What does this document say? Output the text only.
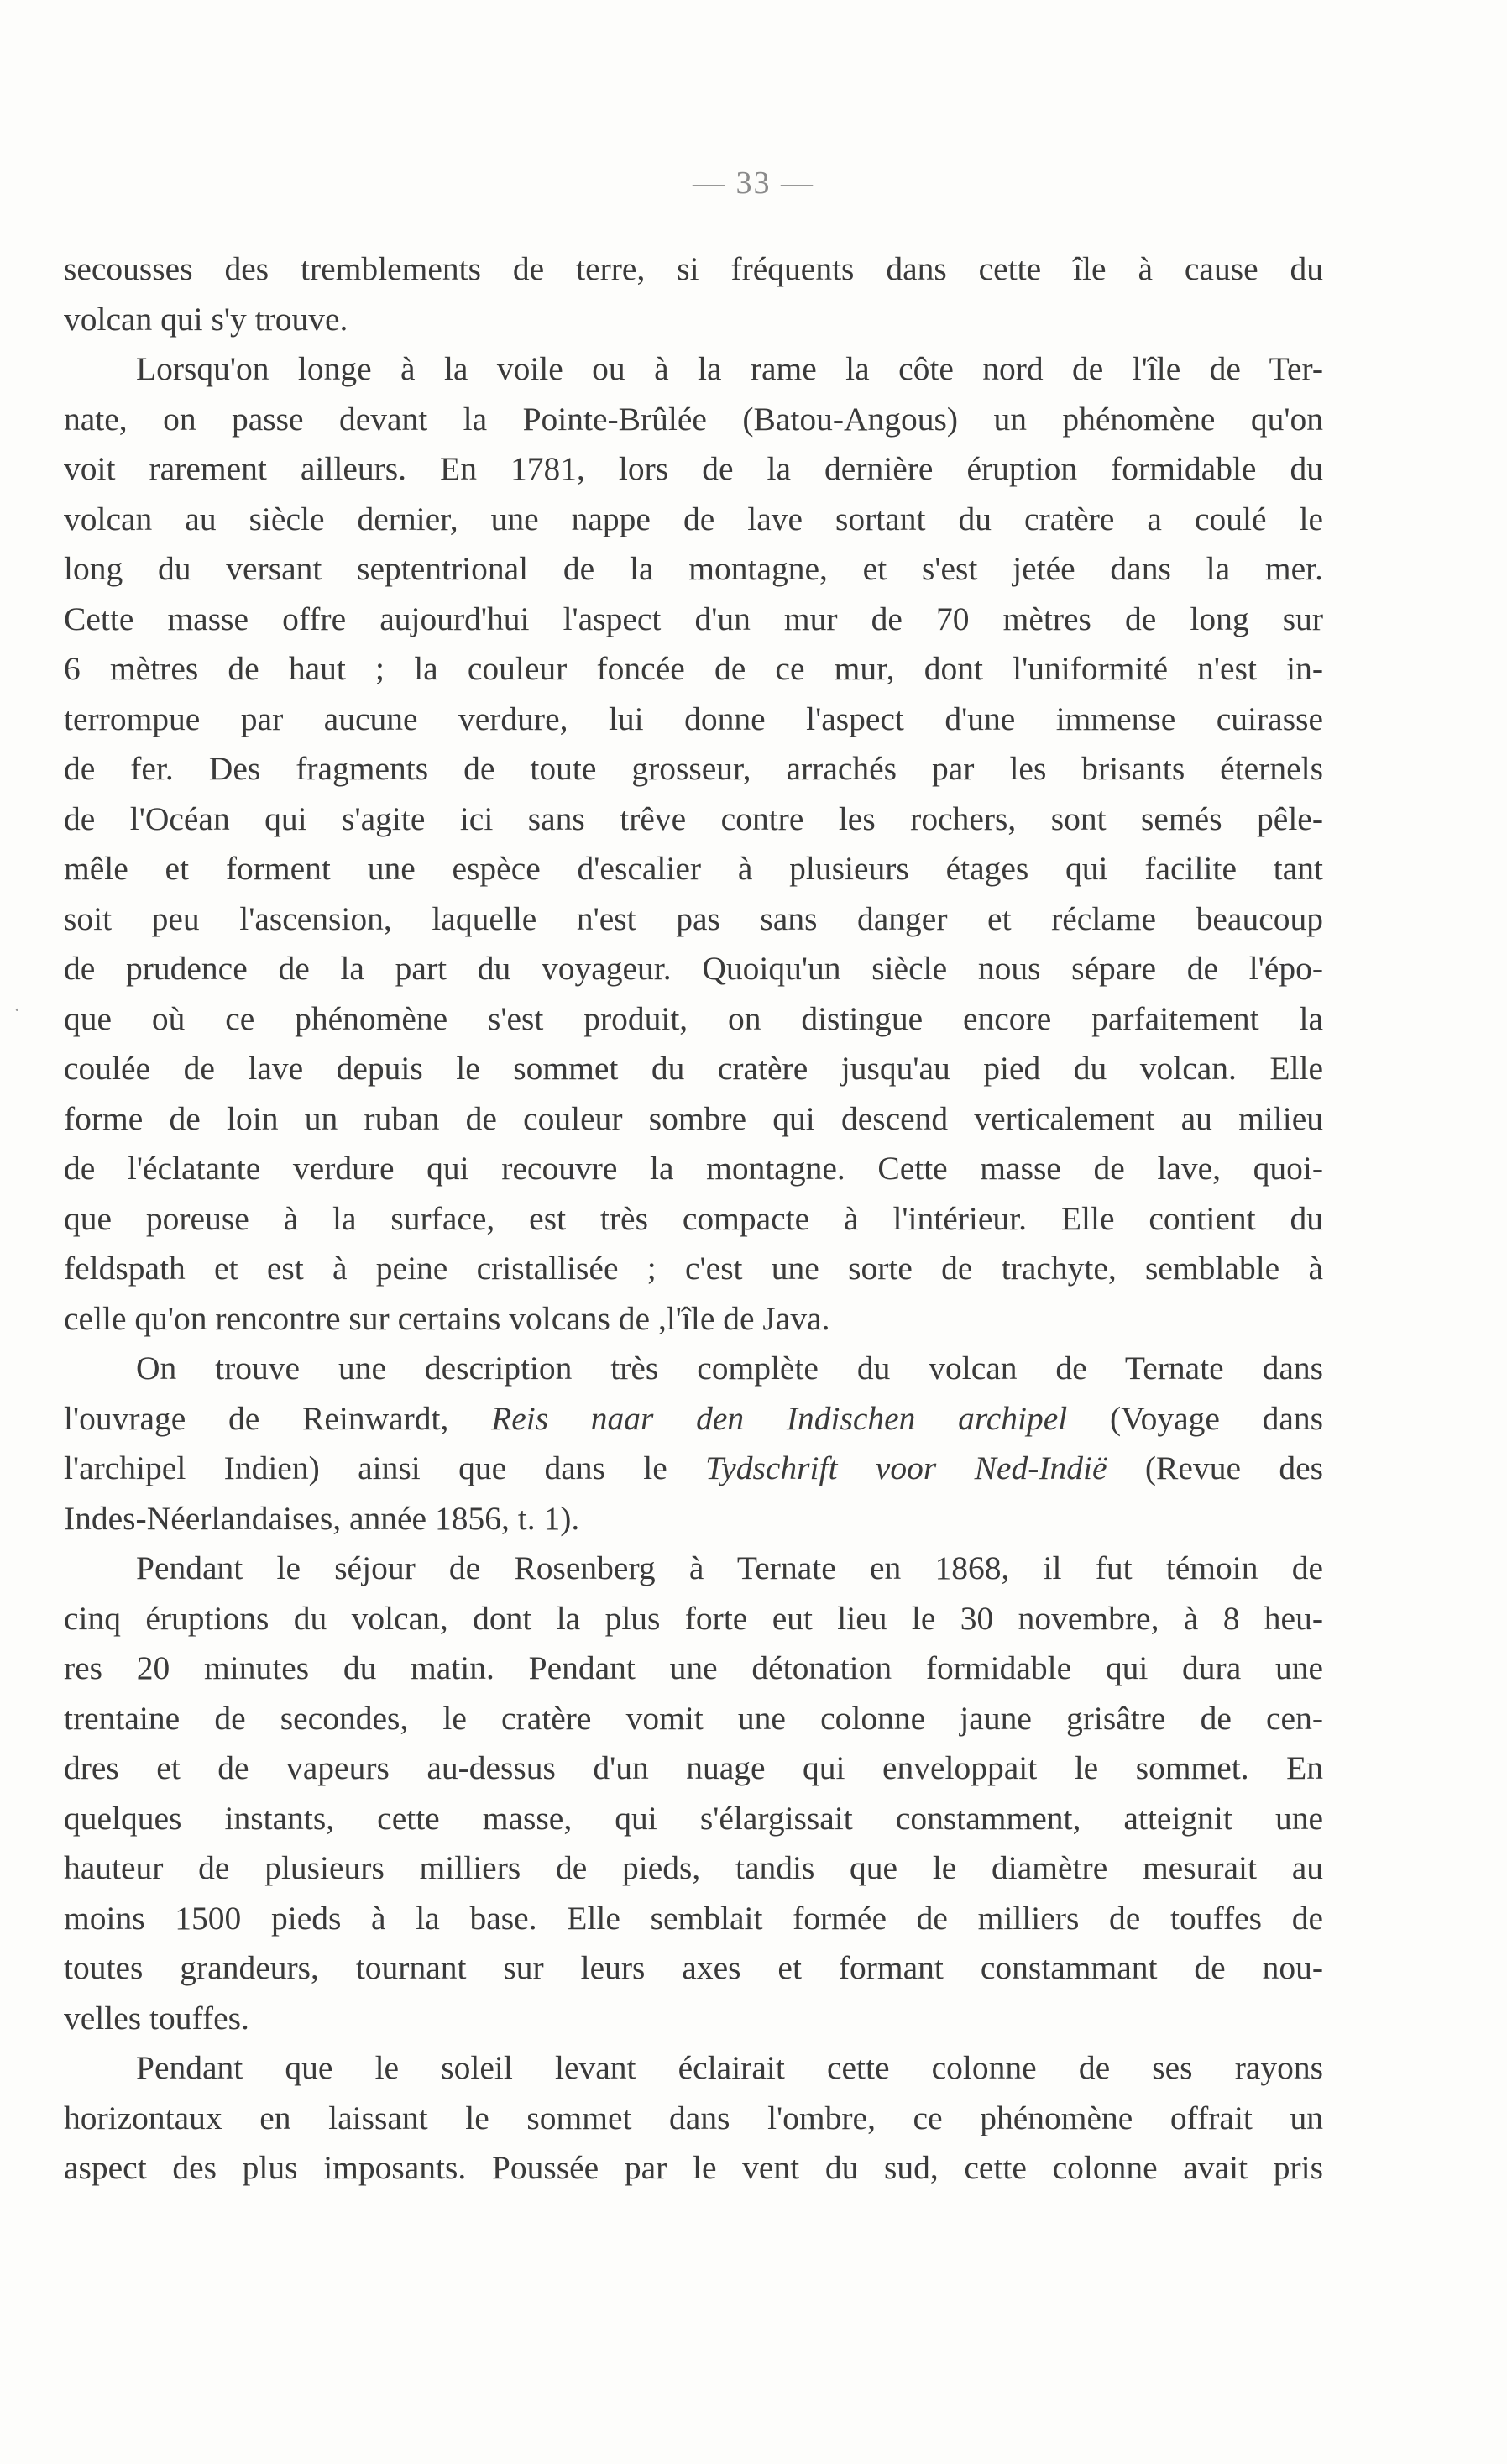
— 33 —
·
secousses des tremblements de terre, si fréquents dans cette île à cause du
volcan qui s'y trouve.
Lorsqu'on longe à la voile ou à la rame la côte nord de l'île de Ter-
nate, on passe devant la Pointe-Brûlée (Batou-Angous) un phénomène qu'on
voit rarement ailleurs. En 1781, lors de la dernière éruption formidable du
volcan au siècle dernier, une nappe de lave sortant du cratère a coulé le
long du versant septentrional de la montagne, et s'est jetée dans la mer.
Cette masse offre aujourd'hui l'aspect d'un mur de 70 mètres de long sur
6 mètres de haut ; la couleur foncée de ce mur, dont l'uniformité n'est in-
terrompue par aucune verdure, lui donne l'aspect d'une immense cuirasse
de fer. Des fragments de toute grosseur, arrachés par les brisants éternels
de l'Océan qui s'agite ici sans trêve contre les rochers, sont semés pêle-
mêle et forment une espèce d'escalier à plusieurs étages qui facilite tant
soit peu l'ascension, laquelle n'est pas sans danger et réclame beaucoup
de prudence de la part du voyageur. Quoiqu'un siècle nous sépare de l'épo-
que où ce phénomène s'est produit, on distingue encore parfaitement la
coulée de lave depuis le sommet du cratère jusqu'au pied du volcan. Elle
forme de loin un ruban de couleur sombre qui descend verticalement au milieu
de l'éclatante verdure qui recouvre la montagne. Cette masse de lave, quoi-
que poreuse à la surface, est très compacte à l'intérieur. Elle contient du
feldspath et est à peine cristallisée ; c'est une sorte de trachyte, semblable à
celle qu'on rencontre sur certains volcans de ,l'île de Java.
On trouve une description très complète du volcan de Ternate dans
l'ouvrage de Reinwardt, Reis naar den Indischen archipel (Voyage dans
l'archipel Indien) ainsi que dans le Tydschrift voor Ned-Indië (Revue des
Indes-Néerlandaises, année 1856, t. 1).
Pendant le séjour de Rosenberg à Ternate en 1868, il fut témoin de
cinq éruptions du volcan, dont la plus forte eut lieu le 30 novembre, à 8 heu-
res 20 minutes du matin. Pendant une détonation formidable qui dura une
trentaine de secondes, le cratère vomit une colonne jaune grisâtre de cen-
dres et de vapeurs au-dessus d'un nuage qui enveloppait le sommet. En
quelques instants, cette masse, qui s'élargissait constamment, atteignit une
hauteur de plusieurs milliers de pieds, tandis que le diamètre mesurait au
moins 1500 pieds à la base. Elle semblait formée de milliers de touffes de
toutes grandeurs, tournant sur leurs axes et formant constammant de nou-
velles touffes.
Pendant que le soleil levant éclairait cette colonne de ses rayons
horizontaux en laissant le sommet dans l'ombre, ce phénomène offrait un
aspect des plus imposants. Poussée par le vent du sud, cette colonne avait pris
